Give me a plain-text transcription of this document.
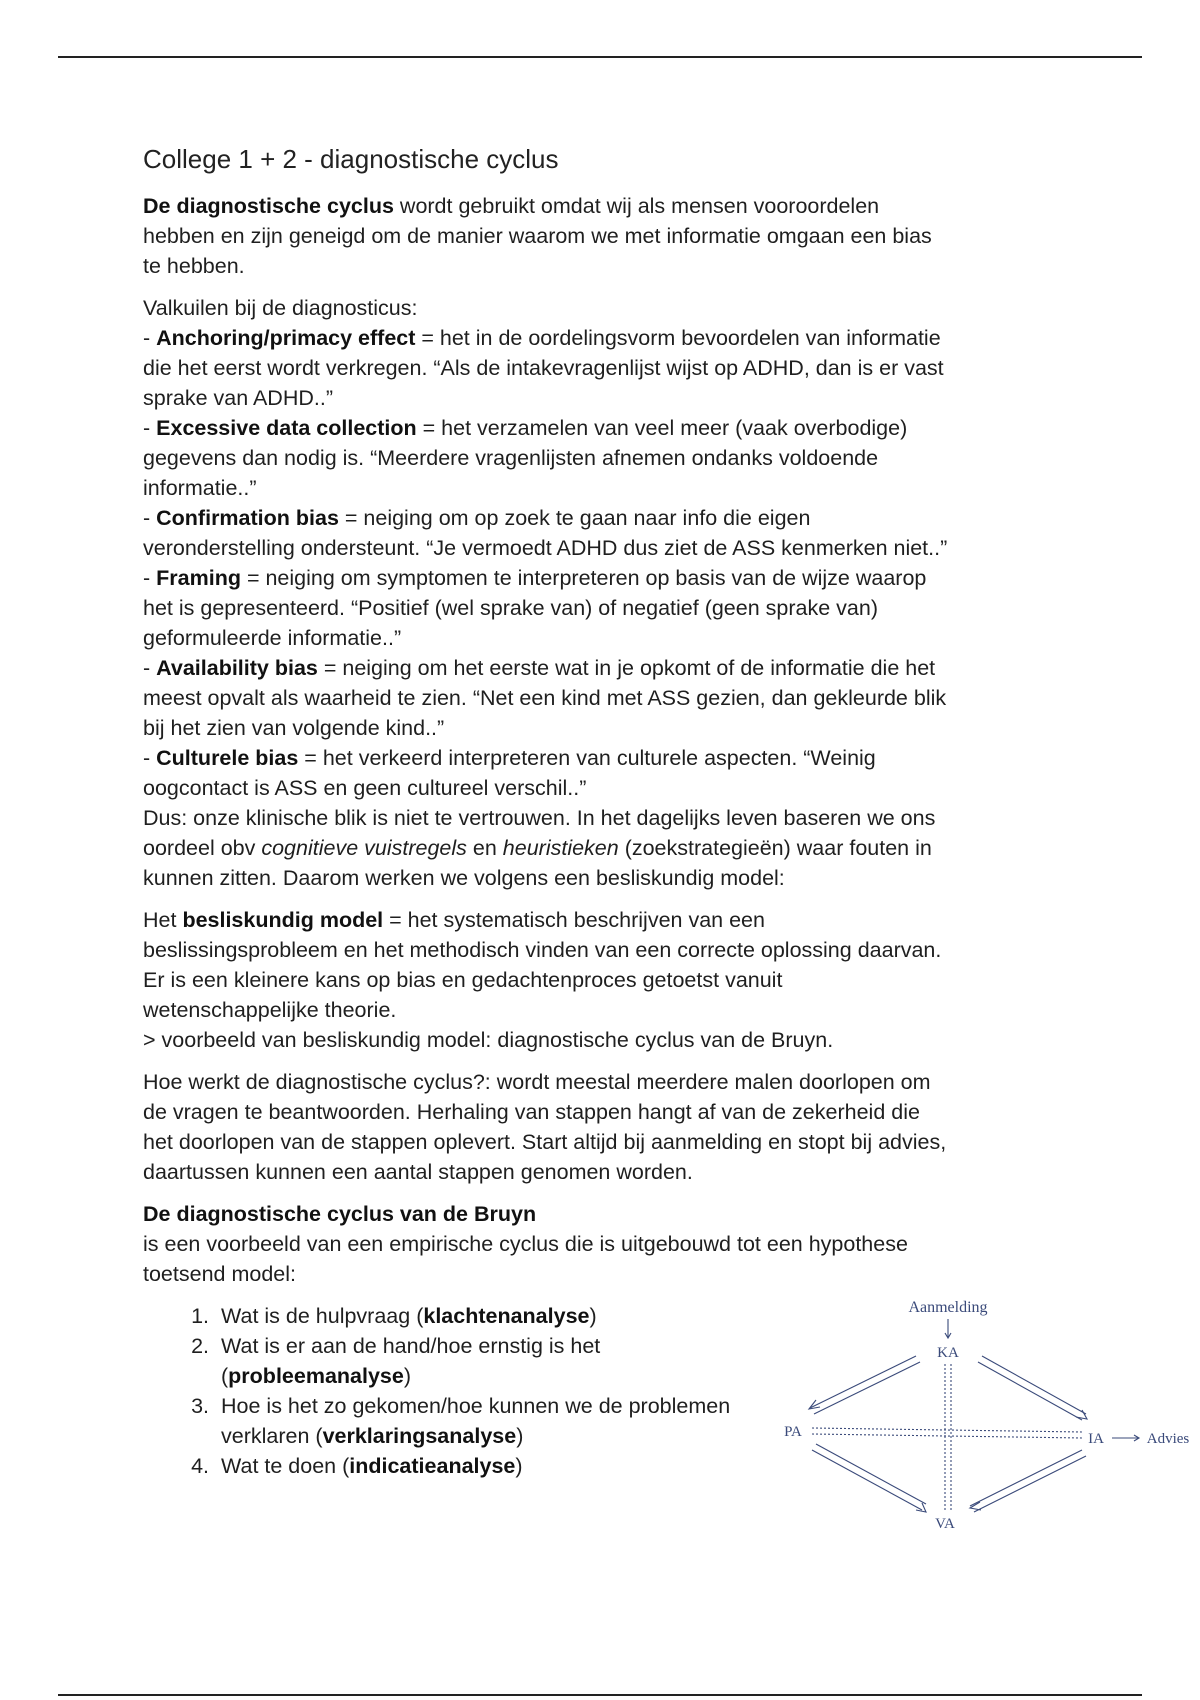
College 1 + 2 - diagnostische cyclus

De diagnostische cyclus wordt gebruikt omdat wij als mensen vooroordelen
hebben en zijn geneigd om de manier waarom we met informatie omgaan een bias
te hebben.

Valkuilen bij de diagnosticus:
- Anchoring/primacy effect = het in de oordelingsvorm bevoordelen van informatie
die het eerst wordt verkregen. “Als de intakevragenlijst wijst op ADHD, dan is er vast
sprake van ADHD..”
- Excessive data collection = het verzamelen van veel meer (vaak overbodige)
gegevens dan nodig is. “Meerdere vragenlijsten afnemen ondanks voldoende
informatie..”
- Confirmation bias = neiging om op zoek te gaan naar info die eigen
veronderstelling ondersteunt. “Je vermoedt ADHD dus ziet de ASS kenmerken niet..”
- Framing = neiging om symptomen te interpreteren op basis van de wijze waarop
het is gepresenteerd. “Positief (wel sprake van) of negatief (geen sprake van)
geformuleerde informatie..”
- Availability bias = neiging om het eerste wat in je opkomt of de informatie die het
meest opvalt als waarheid te zien. “Net een kind met ASS gezien, dan gekleurde blik
bij het zien van volgende kind..”
- Culturele bias = het verkeerd interpreteren van culturele aspecten. “Weinig
oogcontact is ASS en geen cultureel verschil..”
Dus: onze klinische blik is niet te vertrouwen. In het dagelijks leven baseren we ons
oordeel obv cognitieve vuistregels en heuristieken (zoekstrategieën) waar fouten in
kunnen zitten. Daarom werken we volgens een besliskundig model:

Het besliskundig model = het systematisch beschrijven van een
beslissingsprobleem en het methodisch vinden van een correcte oplossing daarvan.
Er is een kleinere kans op bias en gedachtenproces getoetst vanuit
wetenschappelijke theorie.
> voorbeeld van besliskundig model: diagnostische cyclus van de Bruyn.

Hoe werkt de diagnostische cyclus?: wordt meestal meerdere malen doorlopen om
de vragen te beantwoorden. Herhaling van stappen hangt af van de zekerheid die
het doorlopen van de stappen oplevert. Start altijd bij aanmelding en stopt bij advies,
daartussen kunnen een aantal stappen genomen worden.

De diagnostische cyclus van de Bruyn
is een voorbeeld van een empirische cyclus die is uitgebouwd tot een hypothese
toetsend model:
1. Wat is de hulpvraag (klachtenanalyse)
2. Wat is er aan de hand/hoe ernstig is het (probleemanalyse)
3. Hoe is het zo gekomen/hoe kunnen we de problemen verklaren (verklaringsanalyse)
4. Wat te doen (indicatieanalyse)
Aanmelding
KA
PA	IA	Advies
VA
